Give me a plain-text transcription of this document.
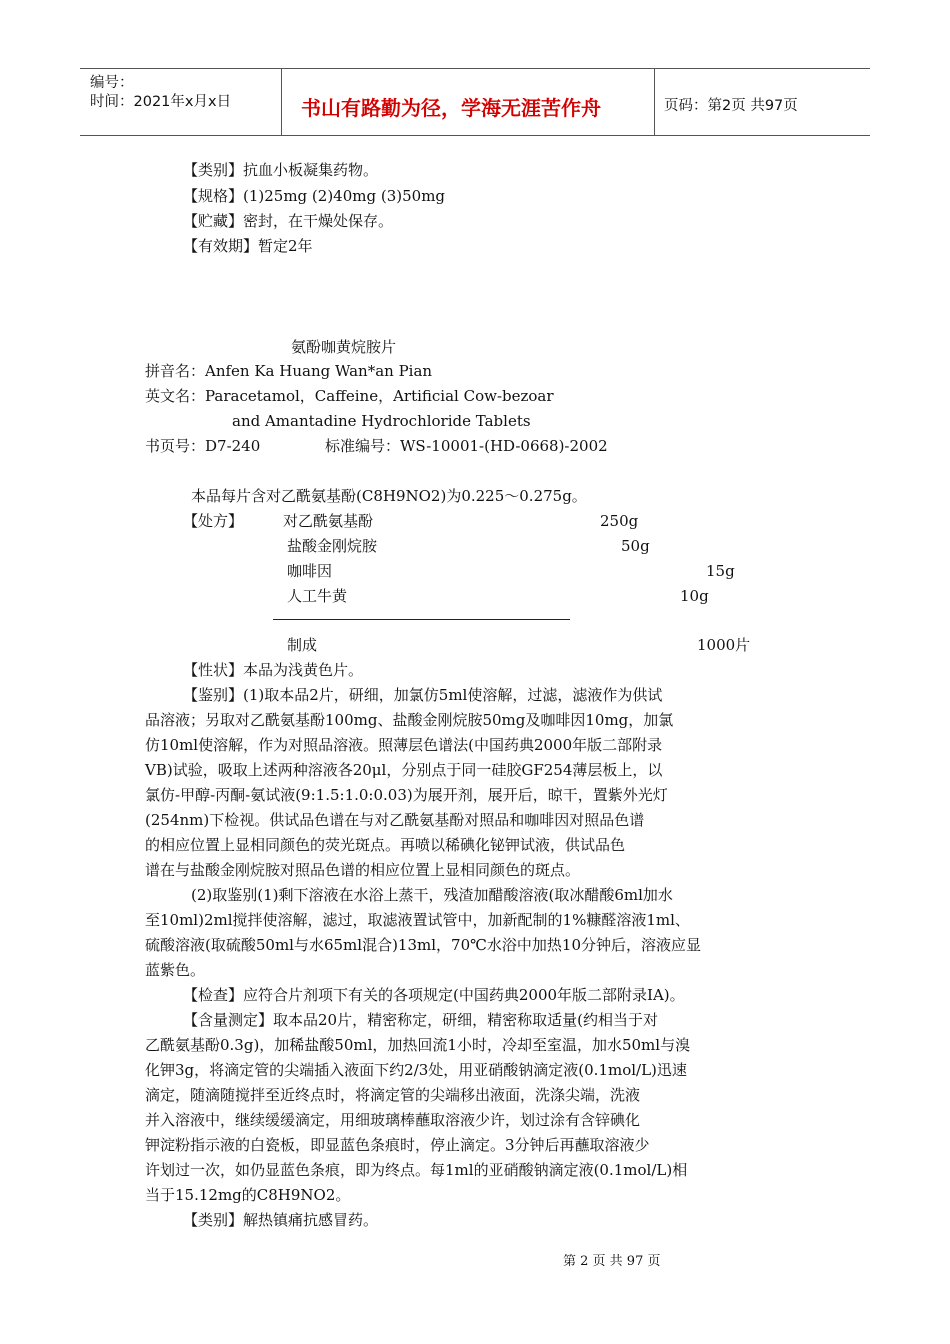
编号：
时间：2021年x月x日	书山有路勤为径，学海无涯苦作舟	页码：第2页 共97页
【类别】抗血小板凝集药物。
【规格】(1)25mg (2)40mg (3)50mg
【贮藏】密封，在干燥处保存。
【有效期】暂定2年
氨酚咖黄烷胺片
拼音名：Anfen Ka Huang Wan*an Pian
英文名：Paracetamol，Caffeine，Artificial Cow-bezoar
and Amantadine Hydrochloride Tablets
书页号：D7-240	标准编号：WS-10001-(HD-0668)-2002
本品每片含对乙酰氨基酚(C8H9NO2)为0.225～0.275g。
【处方】	对乙酰氨基酚	250g
盐酸金刚烷胺	50g
咖啡因	15g
人工牛黄	10g
制成	1000片
【性状】本品为浅黄色片。
【鉴别】(1)取本品2片，研细，加氯仿5ml使溶解，过滤，滤液作为供试
品溶液；另取对乙酰氨基酚100mg、盐酸金刚烷胺50mg及咖啡因10mg，加氯
仿10ml使溶解，作为对照品溶液。照薄层色谱法(中国药典2000年版二部附录
ⅤB)试验，吸取上述两种溶液各20μl，分别点于同一硅胶GF254薄层板上，以
氯仿-甲醇-丙酮-氨试液(9:1.5:1.0:0.03)为展开剂，展开后，晾干，置紫外光灯
(254nm)下检视。供试品色谱在与对乙酰氨基酚对照品和咖啡因对照品色谱
的相应位置上显相同颜色的荧光斑点。再喷以稀碘化铋钾试液，供试品色
谱在与盐酸金刚烷胺对照品色谱的相应位置上显相同颜色的斑点。
(2)取鉴别(1)剩下溶液在水浴上蒸干，残渣加醋酸溶液(取冰醋酸6ml加水
至10ml)2ml搅拌使溶解，滤过，取滤液置试管中，加新配制的1%糠醛溶液1ml、
硫酸溶液(取硫酸50ml与水65ml混合)13ml，70℃水浴中加热10分钟后，溶液应显
蓝紫色。
【检查】应符合片剂项下有关的各项规定(中国药典2000年版二部附录ⅠA)。
【含量测定】取本品20片，精密称定，研细，精密称取适量(约相当于对
乙酰氨基酚0.3g)，加稀盐酸50ml，加热回流1小时，冷却至室温，加水50ml与溴
化钾3g，将滴定管的尖端插入液面下约2/3处，用亚硝酸钠滴定液(0.1mol/L)迅速
滴定，随滴随搅拌至近终点时，将滴定管的尖端移出液面，洗涤尖端，洗液
并入溶液中，继续缓缓滴定，用细玻璃棒蘸取溶液少许，划过涂有含锌碘化
钾淀粉指示液的白瓷板，即显蓝色条痕时，停止滴定。3分钟后再蘸取溶液少
许划过一次，如仍显蓝色条痕，即为终点。每1ml的亚硝酸钠滴定液(0.1mol/L)相
当于15.12mg的C8H9NO2。
【类别】解热镇痛抗感冒药。
第 2 页 共 97 页
